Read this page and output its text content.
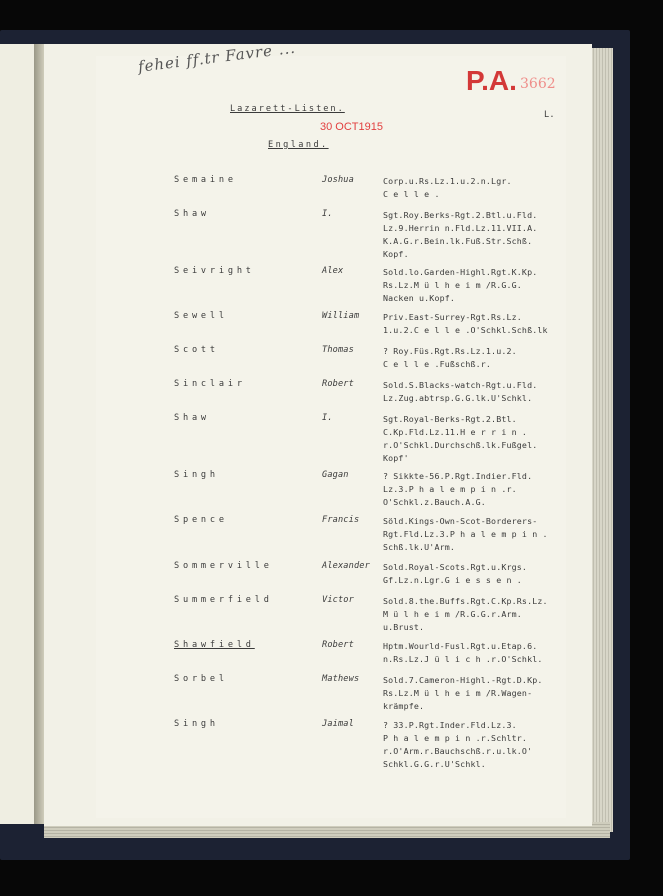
fehei ff.tr Favre ...
P.A. 3662
Lazarett-Listen.
30 OCT1915
England.
L.
Semaine	Joshua	Corp.u.Rs.Lz.1.u.2.n.Lgr.
C e l l e .
Shaw	I.	Sgt.Roy.Berks-Rgt.2.Btl.u.Fld.
Lz.9.Herrin n.Fld.Lz.11.VII.A.
K.A.G.r.Bein.lk.Fuß.Str.Schß.
Kopf.
Seivright	Alex	Sold.lo.Garden-Highl.Rgt.K.Kp.
Rs.Lz.M ü l h e i m /R.G.G.
Nacken u.Kopf.
Sewell	William	Priv.East-Surrey-Rgt.Rs.Lz.
1.u.2.C e l l e .O'Schkl.Schß.lk
Scott	Thomas	? Roy.Füs.Rgt.Rs.Lz.1.u.2.
C e l l e .Fußschß.r.
Sinclair	Robert	Sold.S.Blacks-watch-Rgt.u.Fld.
Lz.Zug.abtrsp.G.G.lk.U'Schkl.
Shaw	I.	Sgt.Royal-Berks-Rgt.2.Btl.
C.Kp.Fld.Lz.11.H e r r i n .
r.O'Schkl.Durchschß.lk.Fußgel.
Kopf'
Singh	Gagan	? Sikkte-56.P.Rgt.Indier.Fld.
Lz.3.P h a l e m p i n .r.
O'Schkl.z.Bauch.A.G.
Spence	Francis	Söld.Kings-Own-Scot-Borderers-
Rgt.Fld.Lz.3.P h a l e m p i n .
Schß.lk.U'Arm.
Sommerville	Alexander Sold.Royal-Scots.Rgt.u.Krgs.
Gf.Lz.n.Lgr.G i e s s e n .
Summerfield	Victor	Sold.8.the.Buffs.Rgt.C.Kp.Rs.Lz.
M ü l h e i m /R.G.G.r.Arm.
u.Brust.
Shawfield	Robert	Hptm.Wourld-Fusl.Rgt.u.Etap.6.
n.Rs.Lz.J ü l i c h .r.O'Schkl.
Sorbel	Mathews	Sold.7.Cameron-Highl.-Rgt.D.Kp.
Rs.Lz.M ü l h e i m /R.Wagen-
krämpfe.
Singh	Jaimal	? 33.P.Rgt.Inder.Fld.Lz.3.
P h a l e m p i n .r.Schltr.
r.O'Arm.r.Bauchschß.r.u.lk.O'
Schkl.G.G.r.U'Schkl.
